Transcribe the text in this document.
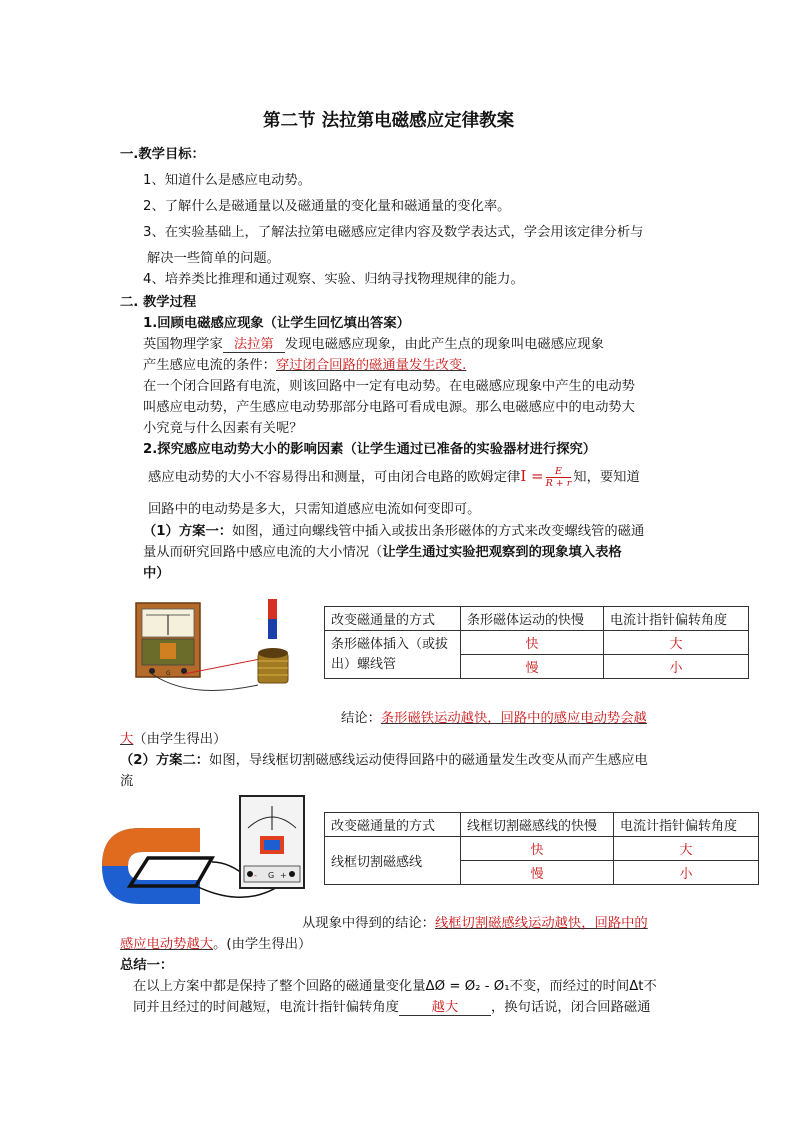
第二节 法拉第电磁感应定律教案
一.教学目标：
1、知道什么是感应电动势。
2、了解什么是磁通量以及磁通量的变化量和磁通量的变化率。
3、在实验基础上，了解法拉第电磁感应定律内容及数学表达式，学会用该定律分析与
解决一些简单的问题。
4、培养类比推理和通过观察、实验、归纳寻找物理规律的能力。
二. 教学过程
1.回顾电磁感应现象（让学生回忆填出答案）
英国物理学家 法拉第 发现电磁感应现象，由此产生点的现象叫电磁感应现象
产生感应电流的条件：穿过闭合回路的磁通量发生改变.
在一个闭合回路有电流，则该回路中一定有电动势。在电磁感应现象中产生的电动势
叫感应电动势，产生感应电动势那部分电路可看成电源。那么电磁感应中的电动势大
小究竟与什么因素有关呢？
2.探究感应电动势大小的影响因素（让学生通过已准备的实验器材进行探究）
感应电动势的大小不容易得出和测量，可由闭合电路的欧姆定律$I = \frac{E}{R + r}$ 知，要知道
回路中的电动势是多大，只需知道感应电流如何变即可。
（1）方案一：如图，通过向螺线管中插入或拔出条形磁体的方式来改变螺线管的磁通
量从而研究回路中感应电流的大小情况（让学生通过实验把观察到的现象填入表格
中）
G
改变磁通量的方式	条形磁体运动的快慢	电流计指针偏转角度
条形磁体插入（或拔出）螺线管	快	大
	慢	小
结论：条形磁铁运动越快，回路中的感应电动势会越
大（由学生得出）
（2）方案二：如图，导线框切割磁感线运动使得回路中的磁通量发生改变从而产生感应电
流
- G +
改变磁通量的方式	线框切割磁感线的快慢	电流计指针偏转角度
线框切割磁感线	快	大
	慢	小
从现象中得到的结论：线框切割磁感线运动越快，回路中的
感应电动势越大。(由学生得出）
总结一：
在以上方案中都是保持了整个回路的磁通量变化量ΔØ = Ø₂ - Ø₁不变，而经过的时间Δt不
同并且经过的时间越短，电流计指针偏转角度 越大 ，换句话说，闭合回路磁通
